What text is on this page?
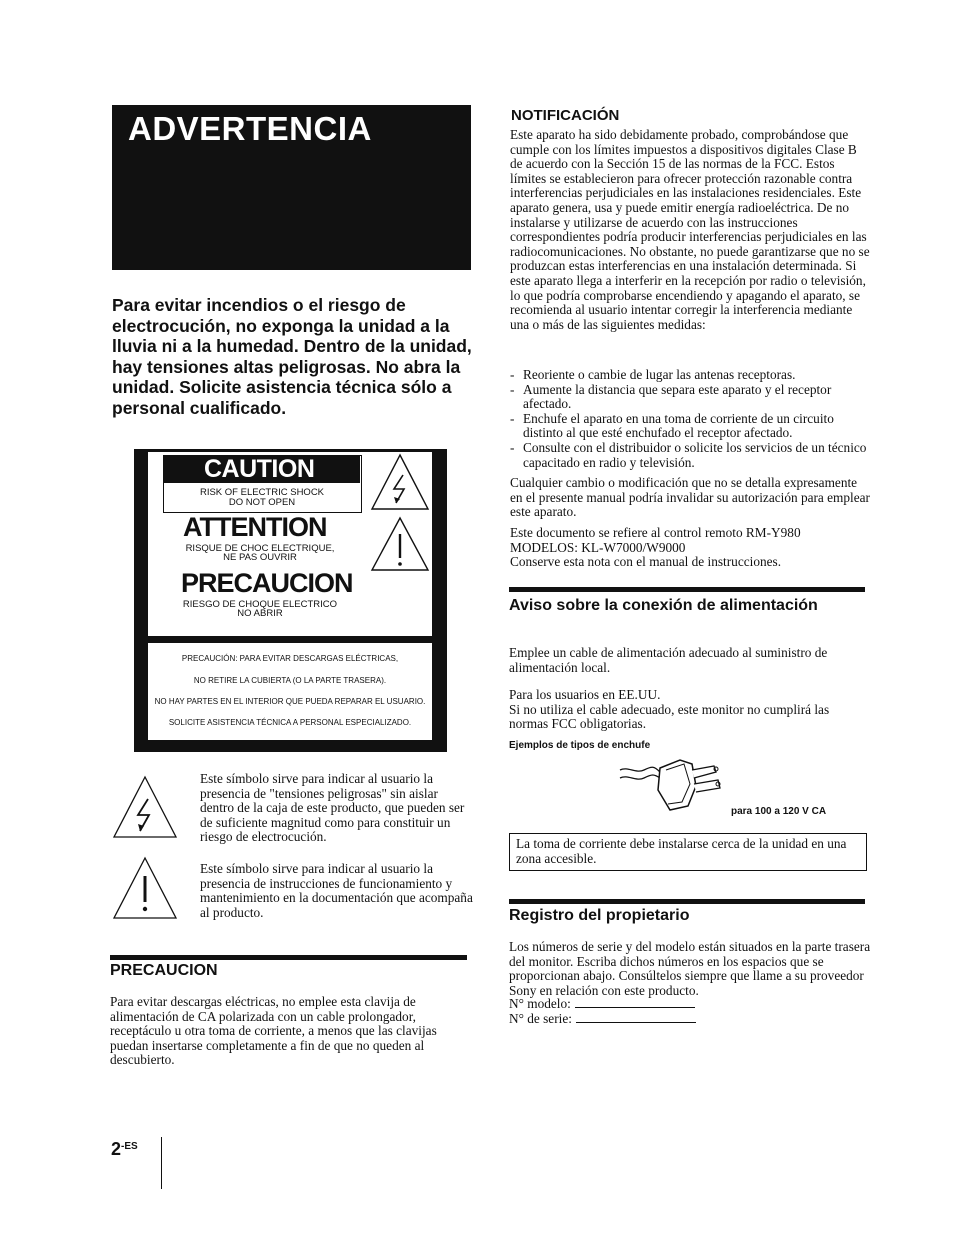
ADVERTENCIA
Para evitar incendios o el riesgo de electrocución, no exponga la unidad a la lluvia ni a la humedad. Dentro de la unidad, hay tensiones altas peligrosas. No abra la unidad. Solicite asistencia técnica sólo a personal cualificado.
CAUTION
RISK OF ELECTRIC SHOCK
DO NOT OPEN
ATTENTION
RISQUE DE CHOC ELECTRIQUE,
NE PAS OUVRIR
PRECAUCION
RIESGO DE CHOQUE ELECTRICO
NO ABRIR
PRECAUCIÓN: PARA EVITAR DESCARGAS ELÉCTRICAS,
NO RETIRE LA CUBIERTA (O LA PARTE TRASERA).
NO HAY PARTES EN EL INTERIOR QUE PUEDA REPARAR EL USUARIO.
SOLICITE ASISTENCIA TÉCNICA A PERSONAL ESPECIALIZADO.
Este símbolo sirve para indicar al usuario la presencia de "tensiones peligrosas" sin aislar dentro de la caja de este producto, que pueden ser de suficiente magnitud como para constituir un riesgo de electrocución.
Este símbolo sirve para indicar al usuario la presencia de instrucciones de funcionamiento y mantenimiento en la documentación que acompaña al producto.
PRECAUCION
Para evitar descargas eléctricas, no emplee esta clavija de alimentación de CA polarizada con un cable prolongador, receptáculo u otra toma de corriente, a menos que las clavijas puedan insertarse completamente a fin de que no queden al descubierto.
$2^{-ES}$
NOTIFICACIÓN
Este aparato ha sido debidamente probado, comprobándose que cumple con los límites impuestos a dispositivos digitales Clase B de acuerdo con la Sección 15 de las normas de la FCC. Estos límites se establecieron para ofrecer protección razonable contra interferencias perjudiciales en las instalaciones residenciales. Este aparato genera, usa y puede emitir energía radioeléctrica. De no instalarse y utilizarse de acuerdo con las instrucciones correspondientes podría producir interferencias perjudiciales en las radiocomunicaciones. No obstante, no puede garantizarse que no se produzcan estas interferencias en una instalación determinada. Si este aparato llega a interferir en la recepción por radio o televisión, lo que podría comprobarse encendiendo y apagando el aparato, se recomienda al usuario intentar corregir la interferencia mediante una o más de las siguientes medidas:
- Reoriente o cambie de lugar las antenas receptoras.
- Aumente la distancia que separa este aparato y el receptor afectado.
- Enchufe el aparato en una toma de corriente de un circuito distinto al que esté enchufado el receptor afectado.
- Consulte con el distribuidor o solicite los servicios de un técnico capacitado en radio y televisión.
Cualquier cambio o modificación que no se detalla expresamente en el presente manual podría invalidar su autorización para emplear este aparato.
Este documento se refiere al control remoto RM-Y980
MODELOS: KL-W7000/W9000
Conserve esta nota con el manual de instrucciones.
Aviso sobre la conexión de alimentación
Emplee un cable de alimentación adecuado al suministro de alimentación local.
Para los usuarios en EE.UU.
Si no utiliza el cable adecuado, este monitor no cumplirá las normas FCC obligatorias.
Ejemplos de tipos de enchufe
para 100 a 120 V CA
La toma de corriente debe instalarse cerca de la unidad en una zona accesible.
Registro del propietario
Los números de serie y del modelo están situados en la parte trasera del monitor. Escriba dichos números en los espacios que se proporcionan abajo. Consúltelos siempre que llame a su proveedor Sony en relación con este producto.
N° modelo:
N° de serie:
